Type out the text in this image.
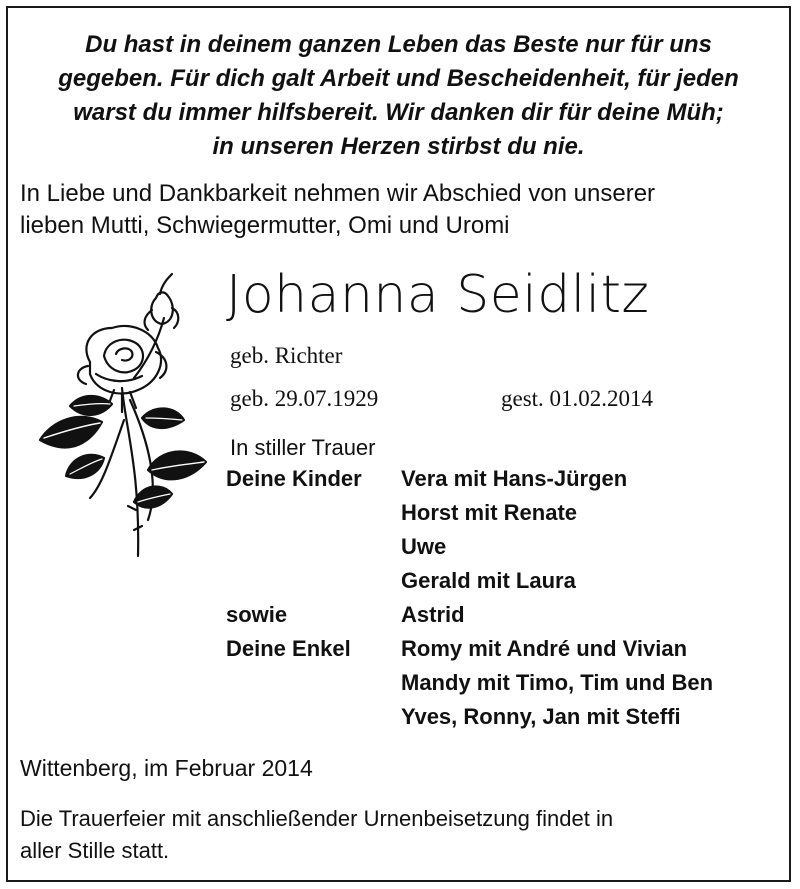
Du hast in deinem ganzen Leben das Beste nur für uns
gegeben. Für dich galt Arbeit und Bescheidenheit, für jeden
warst du immer hilfsbereit. Wir danken dir für deine Müh;
in unseren Herzen stirbst du nie.
In Liebe und Dankbarkeit nehmen wir Abschied von unserer
lieben Mutti, Schwiegermutter, Omi und Uromi
Johanna Seidlitz
geb. Richter
geb. 29.07.1929	gest. 01.02.2014
In stiller Trauer
Deine Kinder Vera mit Hans-Jürgen
Horst mit Renate
Uwe
Gerald mit Laura
sowie	Astrid
Deine Enkel Romy mit André und Vivian
Mandy mit Timo, Tim und Ben
Yves, Ronny, Jan mit Steffi
Wittenberg, im Februar 2014
Die Trauerfeier mit anschließender Urnenbeisetzung findet in
aller Stille statt.
